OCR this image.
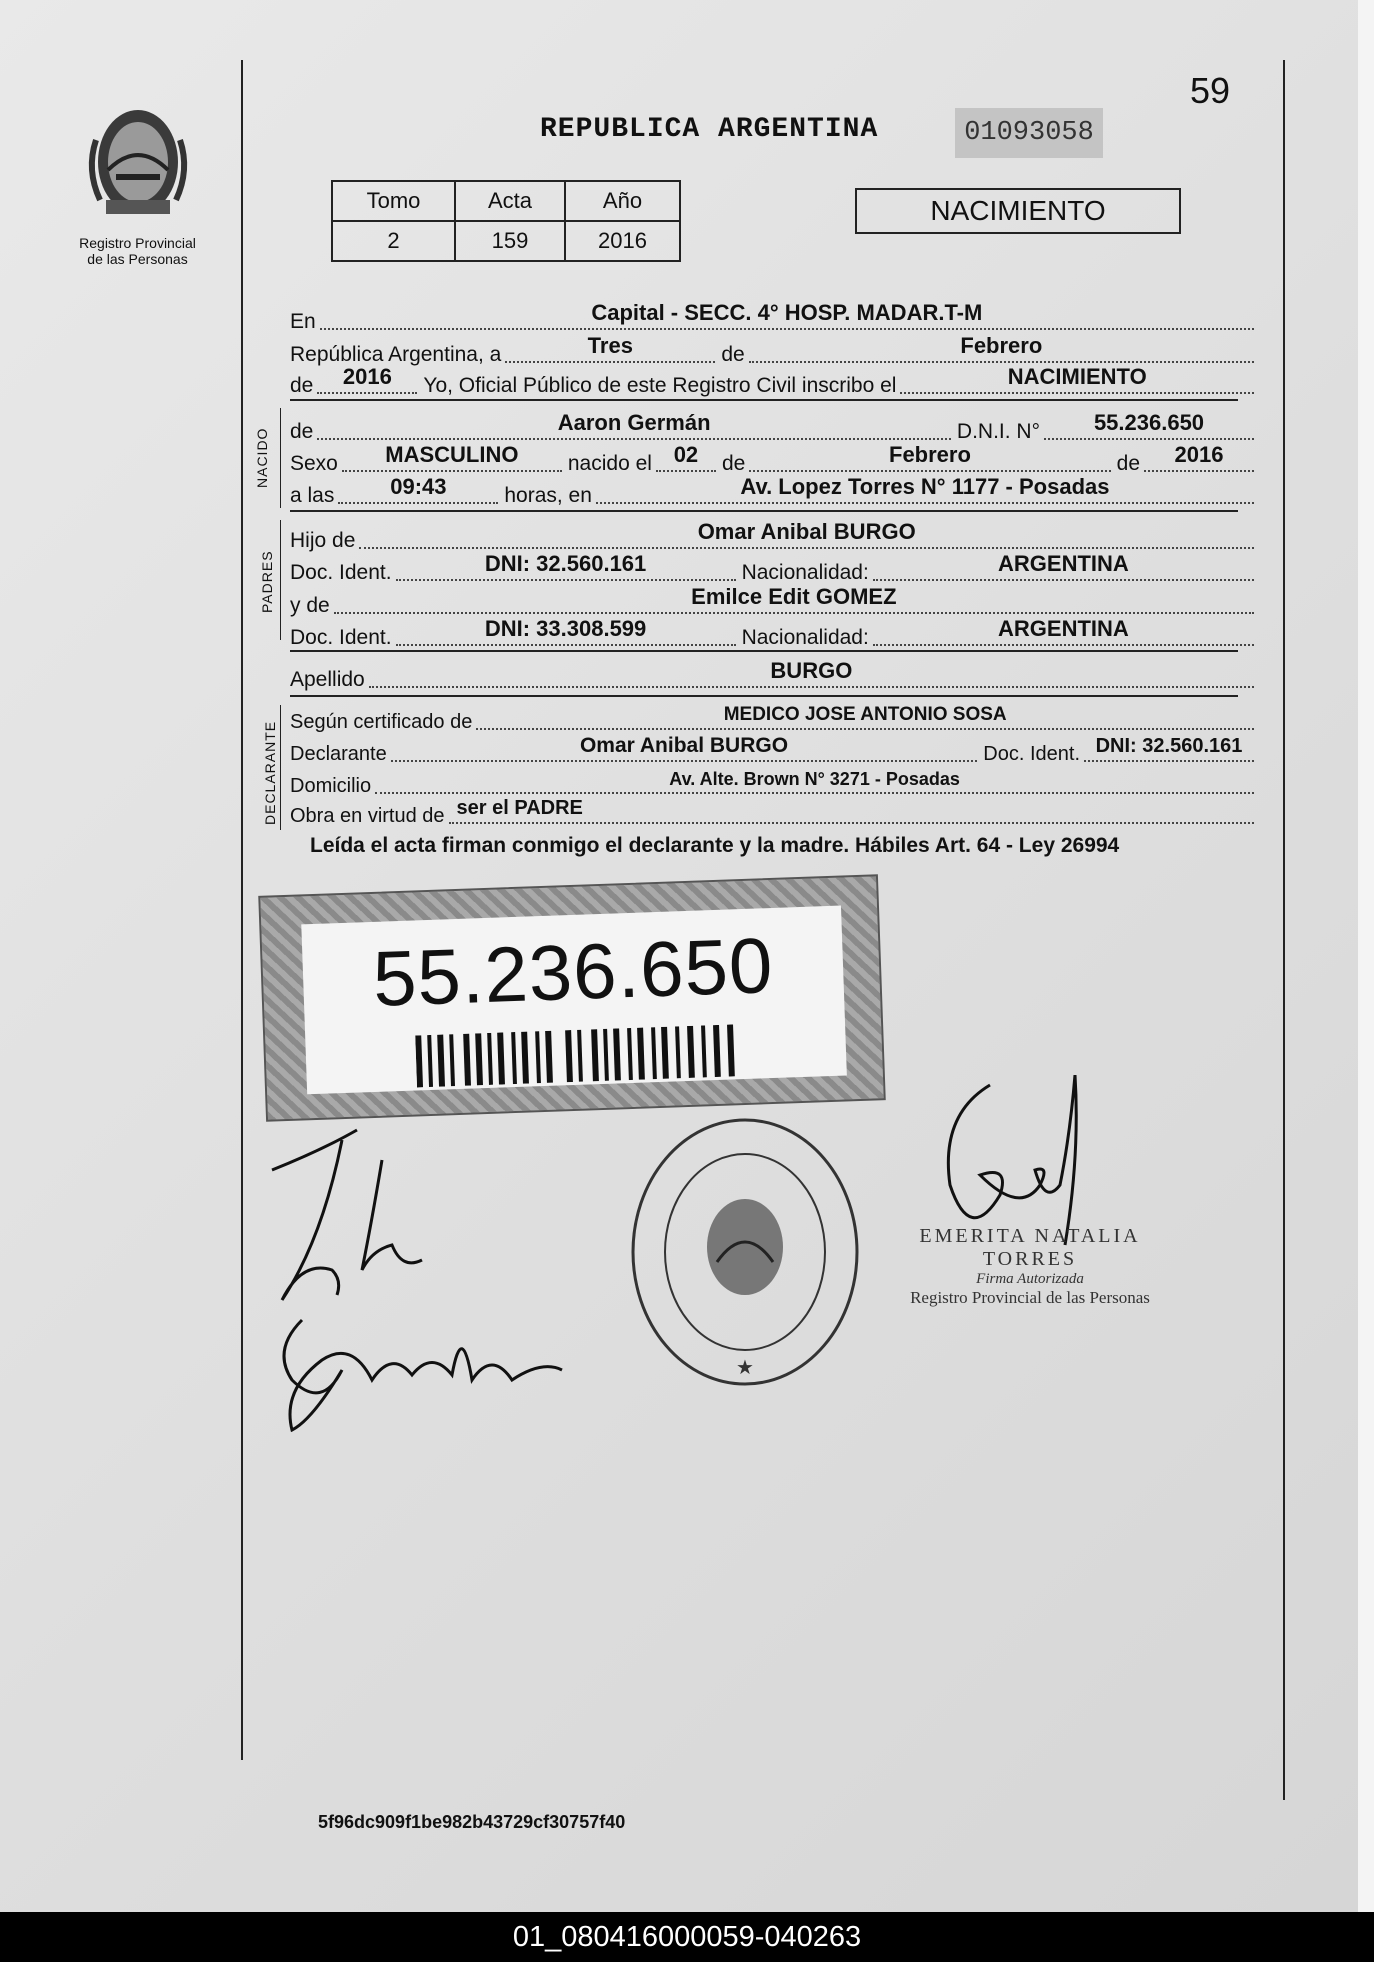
Registro Provincial
de las Personas
59
REPUBLICA ARGENTINA	01093058
Tomo	Acta	Año
2	159	2016
NACIMIENTO
En	Capital - SECC. 4° HOSP. MADAR.T-M
República Argentina, a	Tres	de	Febrero
de	2016	Yo, Oficial Público de este Registro Civil inscribo el	NACIMIENTO
NACIDO de	Aaron Germán	D.N.I. N°	55.236.650
Sexo	MASCULINO	nacido el 02	de	Febrero	de	2016
a las	09:43	horas, en	Av. Lopez Torres N° 1177 - Posadas
PADRES
Hijo de	Omar Anibal BURGO
Doc. Ident.	DNI: 32.560.161	Nacionalidad:	ARGENTINA
y de	Emilce Edit GOMEZ
Doc. Ident.	DNI: 33.308.599	Nacionalidad:	ARGENTINA
Apellido	BURGO
DECLARANTE Según certificado de	MEDICO JOSE ANTONIO SOSA
Declarante	Omar Anibal BURGO	Doc. Ident. DNI: 32.560.161
Domicilio	Av. Alte. Brown N° 3271 - Posadas
Obra en virtud de ser el PADRE
Leída el acta firman conmigo el declarante y la madre. Hábiles Art. 64 - Ley 26994
55.236.650
★
EMERITA NATALIA TORRES
Firma Autorizada
Registro Provincial de las Personas
5f96dc909f1be982b43729cf30757f40
01_080416000059-040263
